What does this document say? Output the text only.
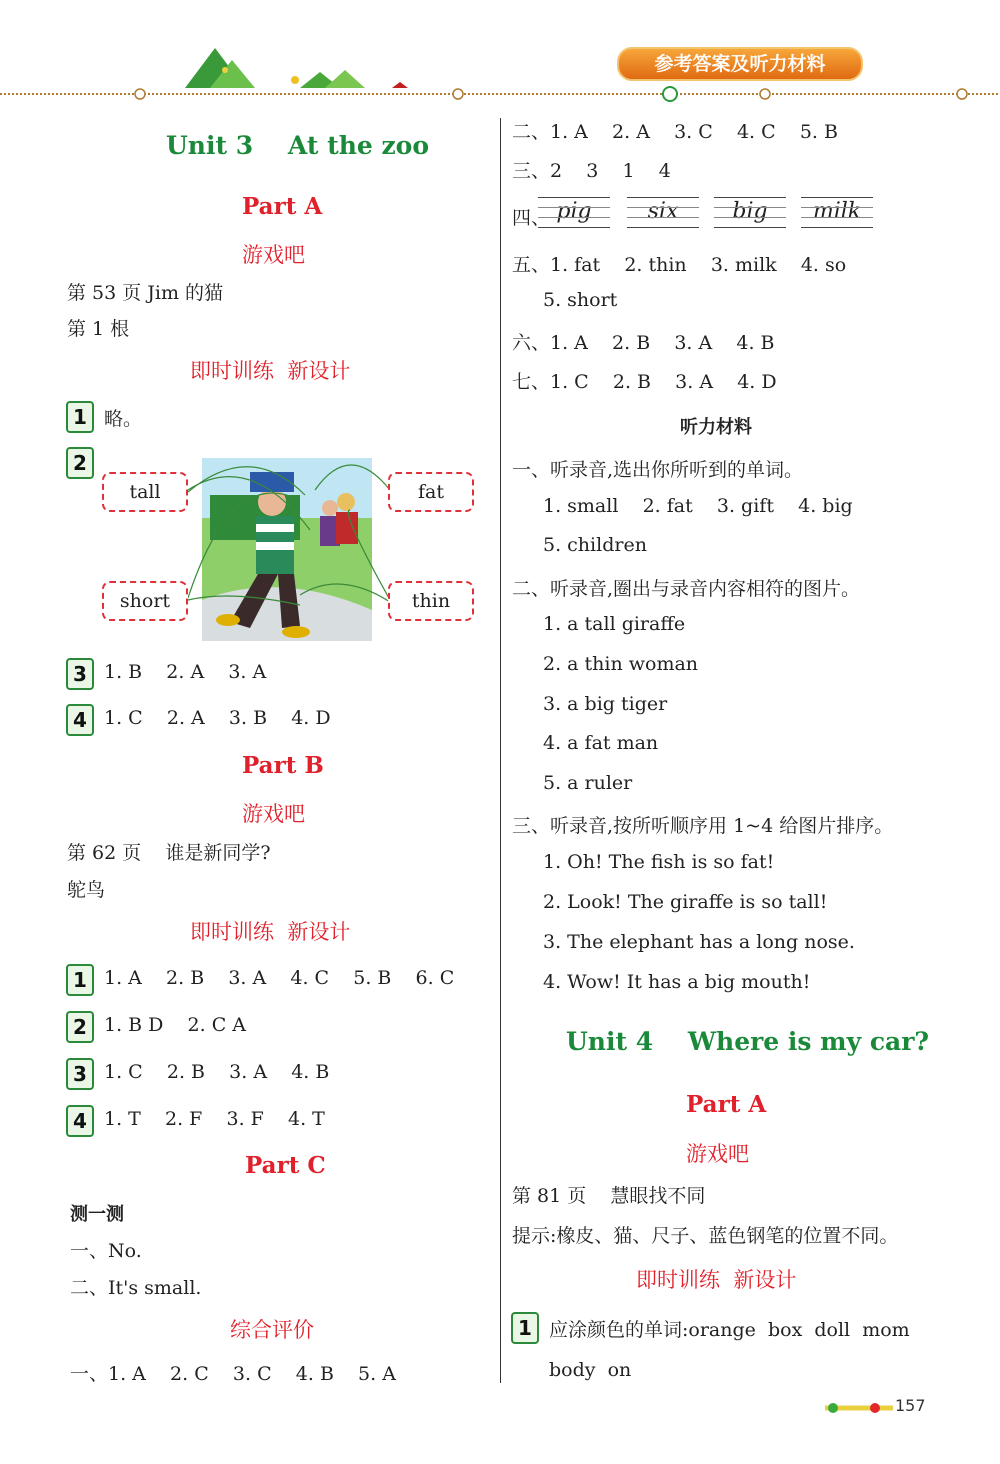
参考答案及听力材料
Unit 3    At the zoo
Part A
游戏吧
第 53 页 Jim 的猫
第 1 根
即时训练  新设计
1 略。
2
tall	fat
short	thin
3 1. B    2. A    3. A
4 1. C    2. A    3. B    4. D
Part B
游戏吧
第 62 页    谁是新同学?
鸵鸟
即时训练  新设计
1 1. A    2. B    3. A    4. C    5. B    6. C
2 1. B D    2. C A
3 1. C    2. B    3. A    4. B
4 1. T    2. F    3. F    4. T
Part C
测一测
一、No.
二、It's small.
综合评价
一、1. A    2. C    3. C    4. B    5. A
二、1. A    2. A    3. C    4. C    5. B
三、2    3    1    4
四、 pig	six	big	milk
五、1. fat    2. thin    3. milk    4. so
5. short
六、1. A    2. B    3. A    4. B
七、1. C    2. B    3. A    4. D
听力材料
一、听录音,选出你所听到的单词。
1. small    2. fat    3. gift    4. big
5. children
二、听录音,圈出与录音内容相符的图片。
1. a tall giraffe
2. a thin woman
3. a big tiger
4. a fat man
5. a ruler
三、听录音,按所听顺序用 1~4 给图片排序。
1. Oh! The fish is so fat!
2. Look! The giraffe is so tall!
3. The elephant has a long nose.
4. Wow! It has a big mouth!
Unit 4    Where is my car?
Part A
游戏吧
第 81 页    慧眼找不同
提示:橡皮、猫、尺子、蓝色钢笔的位置不同。
即时训练  新设计
1 应涂颜色的单词:orange  box  doll  mom
body  on
157
